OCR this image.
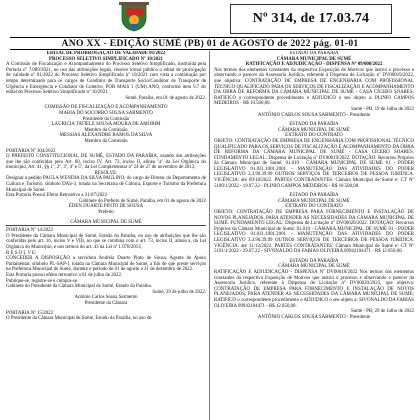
Nº 314, de 17.03.74
ANO XX - EDIÇÃO SUMÉ (PB) 01 de AGOSTO de 2022 pág. 01-01
EDITAL DE PRORROGAÇÃO DE VALIDADE 01/2022
PROCESSO SELETIVO SIMPLIFICADO Nº 10/2021
A Comissão de Fiscalização e Acompanhamento do Processo Seletivo Simplificado, instituída pela Portaria nº 7.089/2021, no uso das atribuições legais, resolve tornar público o edital de prorrogação de validade nº 01/2022 do Processo Seletivo Simplificado nº 10/2021 com vista a contratação por tempo determinado para os cargos de Condutor de Transporte Socio/Condutor de Transporte de Urgência e Emergência e Condutor de Coletivo, POR MAIS 1 (UM) ANO, conforme item 9.7 do edital do Processo Seletivo Simplificado nº 10/2021.
Sumé, Paraíba, em 01 de agosto de 2022.
COMISSÃO DE FISCALIZAÇÃO E ACOMPANHAMENTO
MARIA DO SOCORRO SOUSA SARMENTO
Presidente da Comissão
LAURICIA TATIELE SOUSA MOURA DE AMORIM
Membro da Comissão
MESSIAS ALEXANDRE RAMOS DA SILVA
Membro da Comissão
PORTARIA Nº 304/2022
O PREFEITO CONSTITUCIONAL DE SUMÉ, ESTADO DA PARAÍBA, usando das atribuições que lhe são conferidas pelo Art. 60, inciso IV, Art. 73, inciso II, alínea "a" da Lei Orgânica do município, Art. 41, §§ 1º, 2º, 3º, 4º e 5º, da Lei Complementar nº 24 de 27 de novembro de 2013,
RESOLVE:
Designar a pedido PAULA WENDIA DA SILVA PAULINO, do cargo de Diretor do Departamento de Cultura e Turismo, símbolo DAS-3, lotada na Secretaria de Cultura, Esporte e Turismo da Prefeitura Municipal de Sumé.
Esta Portaria Possui Efeito Retroativo a 31/07/2022
Gabinete do Prefeito de Sumé, Paraíba, em 01 de agosto de 2022
ÉDEN DUARTE PINTO DE SOUSA
Prefeito
CÂMARA MUNICIPAL DE SUMÉ
PORTARIA Nº 14/2022
O Presidente da Câmara Municipal de Sumé, Estado da Paraíba, no uso de atribuições que lhe são conferidas pelo art. 16, inciso V e VIII, no que se combina com o art. 73, inciso II, alínea a, da Lei Orgânica do Município, e nos termos do art. 43 da Lei nº 1.078/2013,
R E S O L V E:
CONCEDER A DISPOSIÇÃO a servidora Andréia Duarte Pinto de Sousa, Agente de Apoio Parlamentar, símbolo PL-SAP-I, lotada na Câmara Municipal de Sumé, a fim de que preste serviços na Prefeitura Municipal de Sumé, durante o período de 01 de agosto a 31 de dezembro de 2022.
Esta Portaria possui efeito retroativo a 01 de julho de 2022.
Publique-se, registre-se e cumpra-se.
Gabinete do Presidente da Câmara Municipal de Sumé, Estado da Paraíba.
Sumé, 29 de julho de 2022.
Antônio Carlos Sousa Sarmento
Presidente da Câmara
PORTARIA Nº 15/2022
O Presidente da Câmara Municipal de Sumé, Estado da Paraíba, no uso de
ESTADO DA PARAÍBA
CÂMARA MUNICIPAL DE SUMÉ
RATIFICAÇÃO E ADJUDICAÇÃO - DISPENSA Nº 09/000/2022
Nos termos dos elementos constantes da respectiva Exposição de Motivos que instruí o processo e observando o parecer da Assessoria Jurídica, referente à Dispensa de Licitação nº DV00019/2022, que objetiva: CONTRATAÇÃO DE EMPRESA DE ENGENHARIA COM PROFISSIONAL TÉCNICO QUALIFICADO PARA OS SERVIÇOS DE FISCALIZAÇÃO E ACOMPANHAMENTO DA OBRA DE REFORMA DA CÂMARA MUNICIPAL DE SUMÉ - CASA CÍCERO SOARES; RATIFICO o correspondente procedimento e ADJUDICO o seu objeto a: PLINIO CAMPOS MEDEIROS - R$ 10.500,00.
Sumé - PB, 19 de Julho de 2022
ANTÔNIO CARLOS SOUSA SARMENTO - Presidente
ESTADO DA PARAÍBA
CÂMARA MUNICIPAL DE SUMÉ
EXTRATO DO CONTRATO
OBJETO: CONTRATAÇÃO DE EMPRESA DE ENGENHARIA COM PROFISSIONAL TÉCNICO QUALIFICADO PARA OS SERVIÇOS DE FISCALIZAÇÃO E ACOMPANHAMENTO DA OBRA DE REFORMA DA CÂMARA MUNICIPAL DE SUMÉ - CASA CÍCERO SOARES. FUNDAMENTO LEGAL: Dispensa de Licitação nº DV00019/2022. DOTAÇÃO: Recursos Próprios da Câmara Municipal de Sumé: 01.010 - CÂMARA MUNICIPAL DE SUMÉ 01 - PODER LEGISLATIVO 01.031.1001.2001 - MANUTENÇÃO DAS ATIVIDADES DO PODER LEGISLATIVO 3.3.90.39.99 OUTROS SERVIÇOS DE TERCEIROS DE PESSOA JURÍDICA. VIGÊNCIA: até 09/10/2022. PARTES CONTRATANTES: Câmara Municipal de Sumé e: CT Nº 5190/1/2022 - 19.07.22 - PLINIO CAMPOS MEDEIROS - R$ 10.500,00.
ESTADO DA PARAÍBA
CÂMARA MUNICIPAL DE SUMÉ
EXTRATO DO CONTRATO
OBJETO: CONTRATAÇÃO DE EMPRESA PARA FORNECIMENTO E INSTALAÇÃO DE NOVOS PLANEJADOS, PARA ATENDER AS NECESSIDADES DA CÂMARA MUNICIPAL DE SUMÉ. FUNDAMENTO LEGAL: Dispensa de Licitação nº DV00020/2022. DOTAÇÃO: Recursos Próprios da Câmara Municipal de Sumé: 01.010 - CÂMARA MUNICIPAL DE SUMÉ 01 - PODER LEGISLATIVO 01.031.1001.2001 - MANUTENÇÃO DAS ATIVIDADES DO PODER LEGISLATIVO 3.3.90.39.99 OUTROS SERVIÇOS DE TERCEIROS DE PESSOA JURÍDICA. VIGÊNCIA: até 31/12/2022. PARTES CONTRATANTES: Câmara Municipal de Sumé e: CT Nº 5191/1/2022 - 29.07.22 - SIVONALDO DA FARIAS OLIVEIRA 09942104471 - R$ 12.850,00.
ESTADO DA PARAÍBA
CÂMARA MUNICIPAL DE SUMÉ
RATIFICAÇÃO E ADJUDICAÇÃO - DISPENSA Nº DV00010/2022 Nos termos dos elementos constantes da respectiva Exposição de Motivos que instruí o processo e observando o parecer da Assessoria Jurídica, referente à Dispensa de Licitação nº DV00020/2022, que objetiva: CONTRATAÇÃO DE EMPRESA PARA FORNECIMENTO E INSTALAÇÃO DE NOVOS PLANEJADOS, PARA ATENDER AS NECESSIDADES DA CÂMARA MUNICIPAL DE SUMÉ; RATIFICO o correspondente procedimento e ADJUDICO o seu objeto a: SIVONALDO DA FARIAS OLIVEIRA 09942104471 - R$ 12.850,00.
Sumé - PB, 29 de Julho de 2022
ANTÔNIO CARLOS SOUSA SARMENTO - Presidente
